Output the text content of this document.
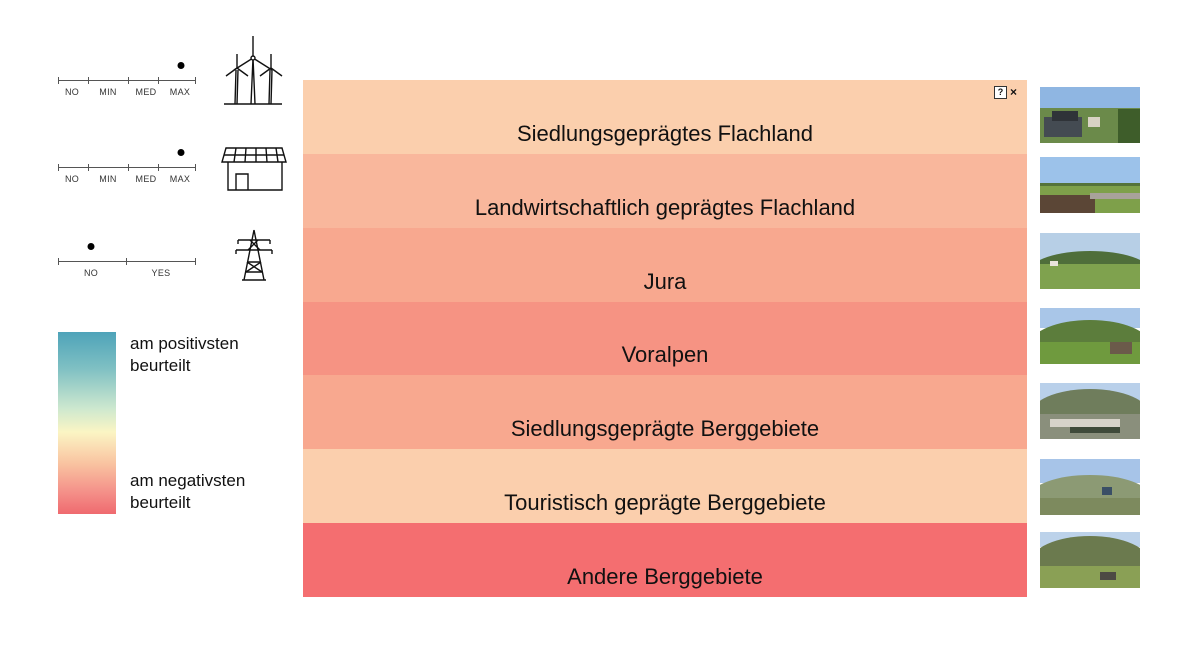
NO MIN MED MAX
NO MIN MED MAX
NO	YES
am positivsten beurteilt
am negativsten beurteilt
Siedlungsgeprägtes Flachland
Landwirtschaftlich geprägtes Flachland
Jura
Voralpen
Siedlungsgeprägte Berggebiete
Touristisch geprägte Berggebiete
Andere Berggebiete
? ×
